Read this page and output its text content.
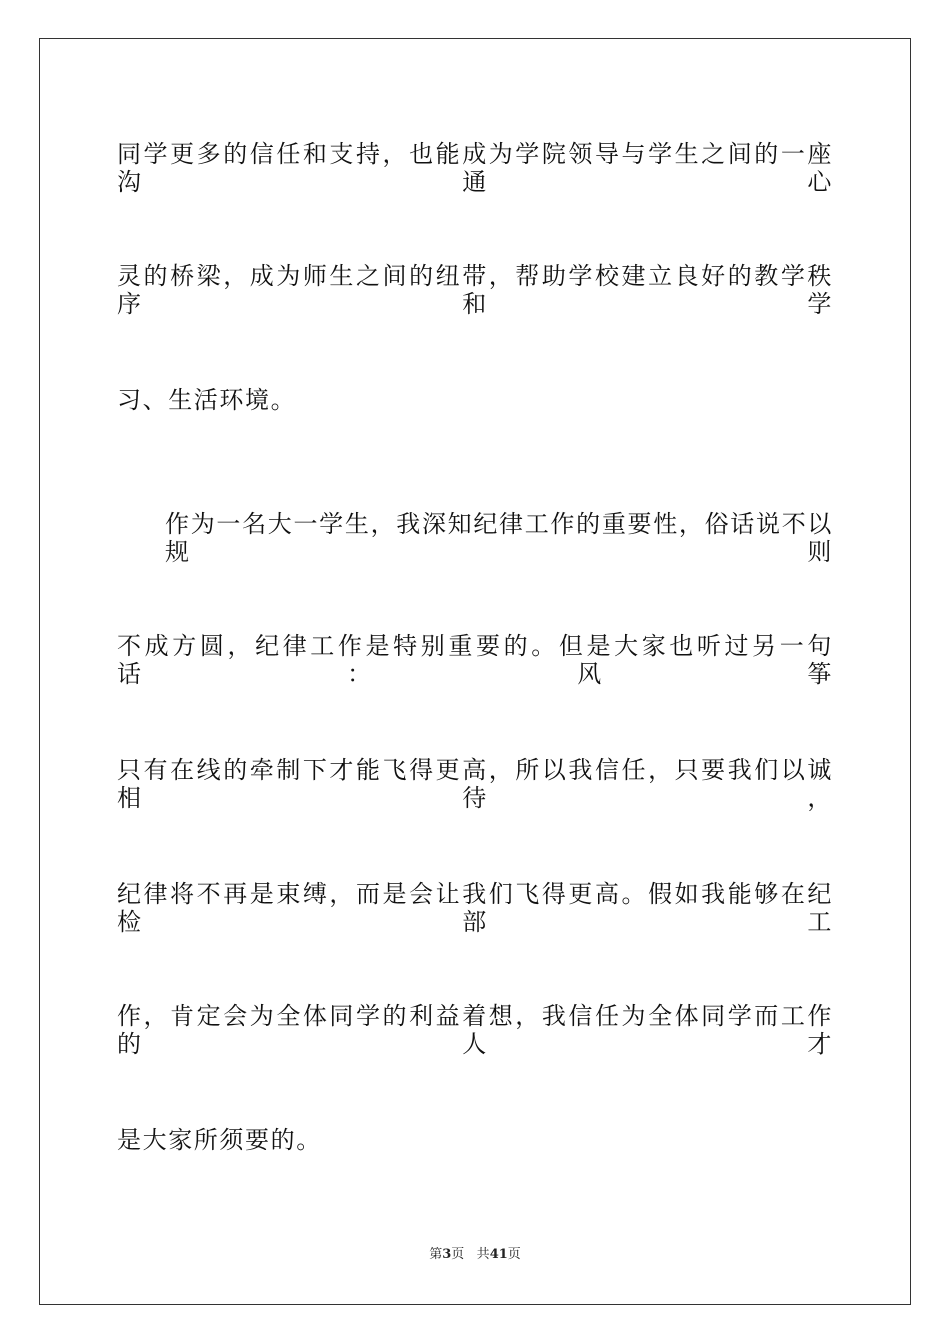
同学更多的信任和支持，也能成为学院领导与学生之间的一座沟通心
灵的桥梁，成为师生之间的纽带，帮助学校建立良好的教学秩序和学
习、生活环境。
作为一名大一学生，我深知纪律工作的重要性，俗话说不以规则
不成方圆，纪律工作是特别重要的。但是大家也听过另一句话：风筝
只有在线的牵制下才能飞得更高，所以我信任，只要我们以诚相待，
纪律将不再是束缚，而是会让我们飞得更高。假如我能够在纪检部工
作，肯定会为全体同学的利益着想，我信任为全体同学而工作的人才
是大家所须要的。
第3页 共41页
